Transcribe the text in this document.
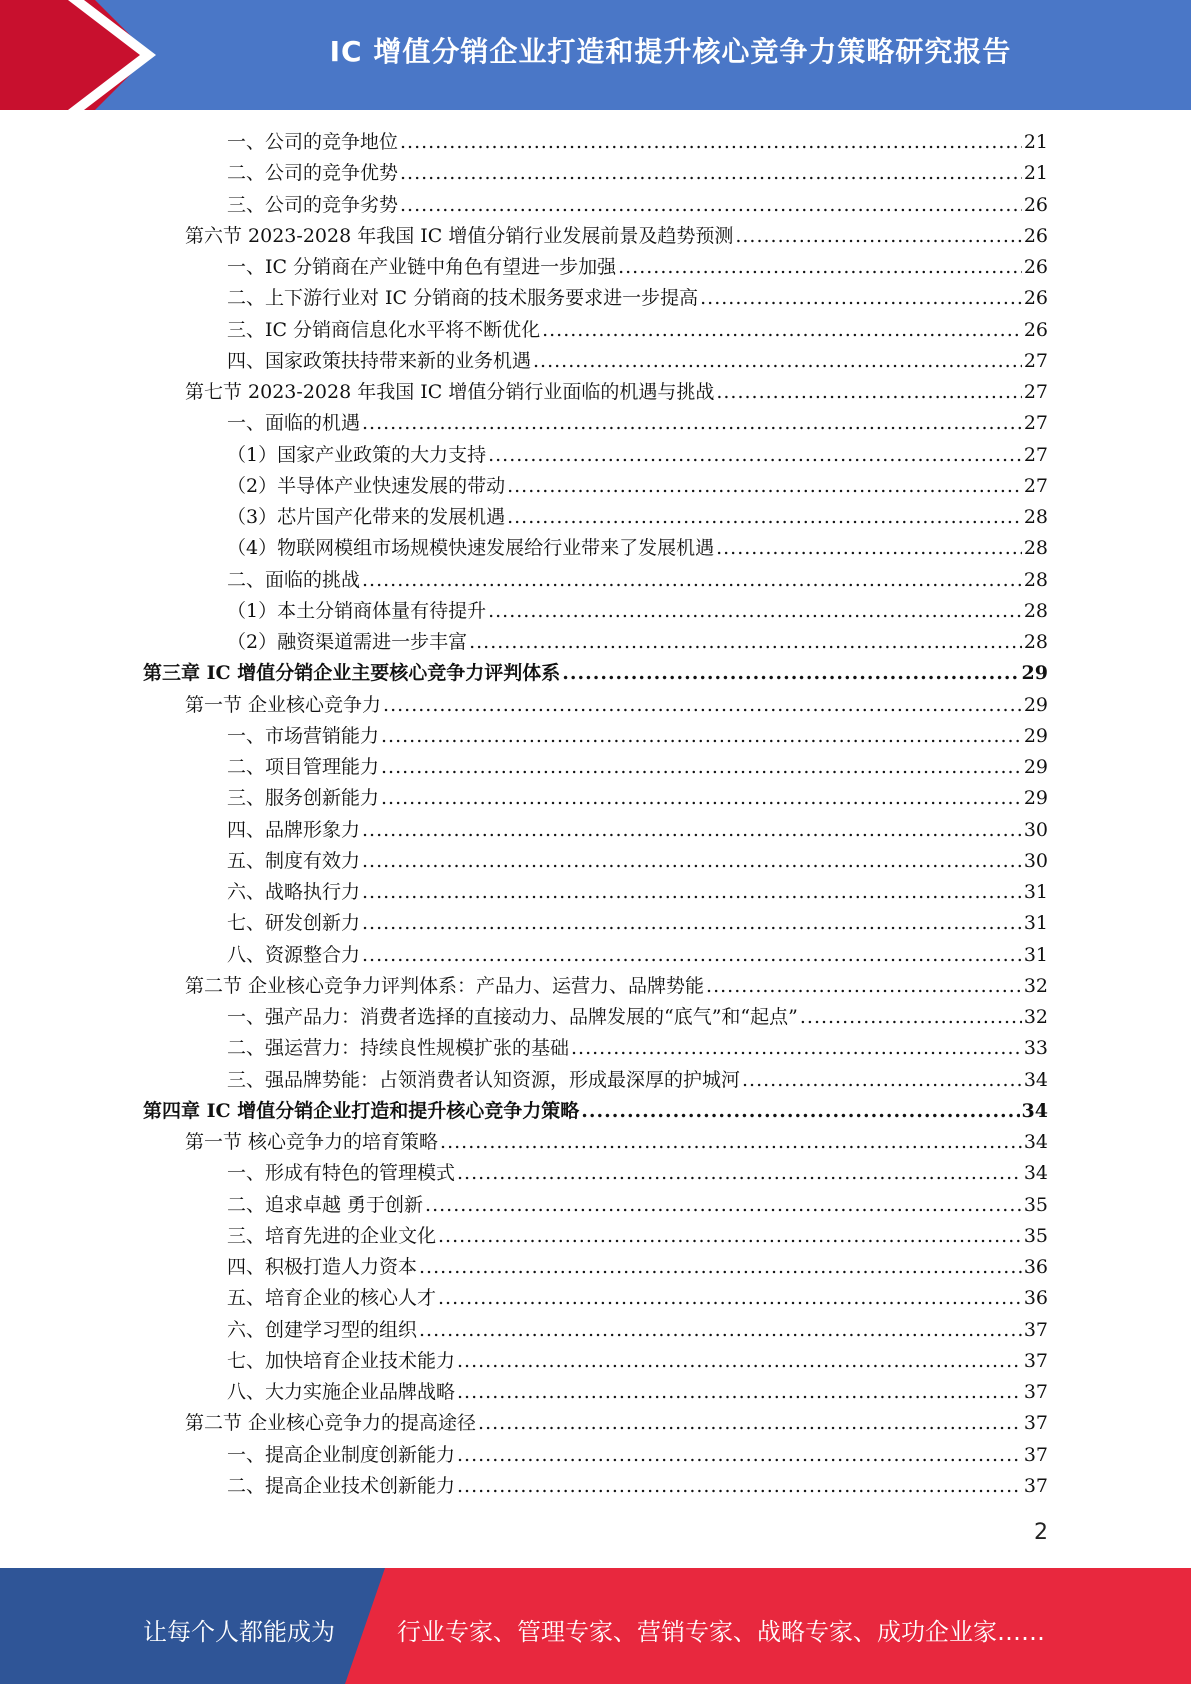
IC 增值分销企业打造和提升核心竞争力策略研究报告
一、公司的竞争地位 .....	21
二、公司的竞争优势 .....	21
三、公司的竞争劣势 .....	26
第六节 2023-2028 年我国 IC 增值分销行业发展前景及趋势预测 .....	26
一、IC 分销商在产业链中角色有望进一步加强 .....	26
二、上下游行业对 IC 分销商的技术服务要求进一步提高 .....	26
三、IC 分销商信息化水平将不断优化 .....	26
四、国家政策扶持带来新的业务机遇 .....	27
第七节 2023-2028 年我国 IC 增值分销行业面临的机遇与挑战 .....	27
一、面临的机遇 .....	27
（1）国家产业政策的大力支持 .....	27
（2）半导体产业快速发展的带动 .....	27
（3）芯片国产化带来的发展机遇 .....	28
（4）物联网模组市场规模快速发展给行业带来了发展机遇 .....	28
二、面临的挑战 .....	28
（1）本土分销商体量有待提升 .....	28
（2）融资渠道需进一步丰富 .....	28
第三章 IC 增值分销企业主要核心竞争力评判体系 .....	29
第一节 企业核心竞争力 .....	29
一、市场营销能力 .....	29
二、项目管理能力 .....	29
三、服务创新能力 .....	29
四、品牌形象力 .....	30
五、制度有效力 .....	30
六、战略执行力 .....	31
七、研发创新力 .....	31
八、资源整合力 .....	31
第二节 企业核心竞争力评判体系：产品力、运营力、品牌势能 .....	32
一、强产品力：消费者选择的直接动力、品牌发展的“底气”和“起点” .....	32
二、强运营力：持续良性规模扩张的基础 .....	33
三、强品牌势能：占领消费者认知资源，形成最深厚的护城河 .....	34
第四章 IC 增值分销企业打造和提升核心竞争力策略 .....	34
第一节 核心竞争力的培育策略 .....	34
一、形成有特色的管理模式 .....	34
二、追求卓越 勇于创新 .....	35
三、培育先进的企业文化 .....	35
四、积极打造人力资本 .....	36
五、培育企业的核心人才 .....	36
六、创建学习型的组织 .....	37
七、加快培育企业技术能力 .....	37
八、大力实施企业品牌战略 .....	37
第二节 企业核心竞争力的提高途径 .....	37
一、提高企业制度创新能力 .....	37
二、提高企业技术创新能力 .....	37
2
让每个人都能成为	行业专家、管理专家、营销专家、战略专家、成功企业家……
